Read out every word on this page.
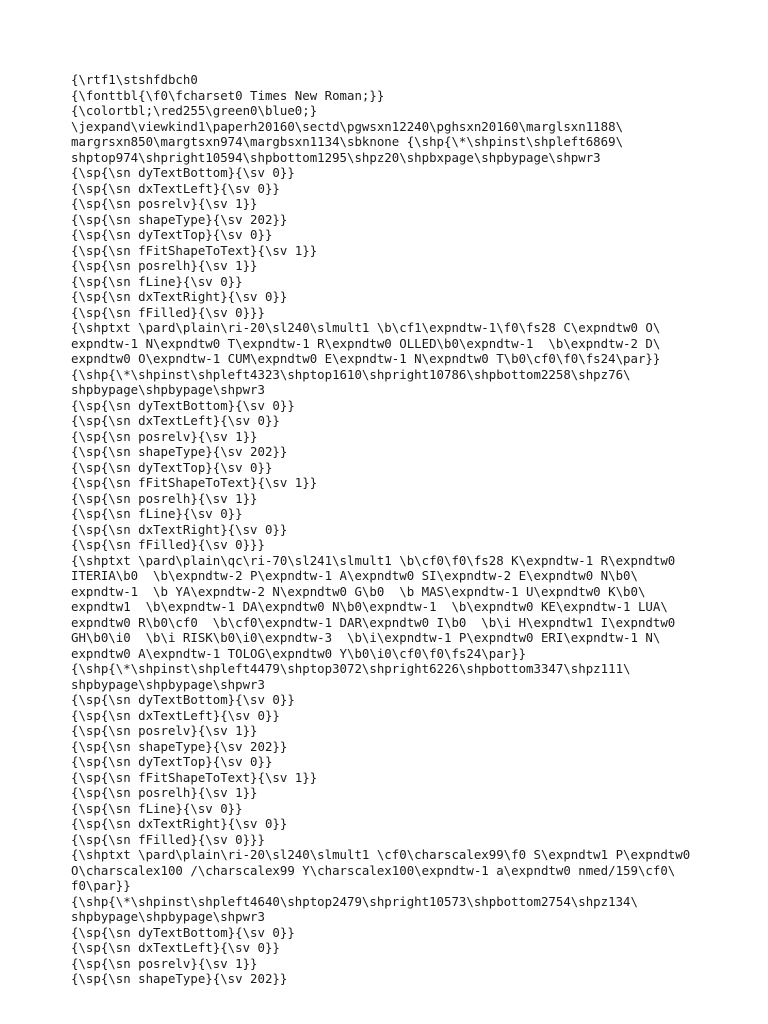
{\rtf1\stshfdbch0
{\fonttbl{\f0\fcharset0 Times New Roman;}}
{\colortbl;\red255\green0\blue0;}
\jexpand\viewkind1\paperh20160\sectd\pgwsxn12240\pghsxn20160\marglsxn1188\
margrsxn850\margtsxn974\margbsxn1134\sbknone {\shp{\*\shpinst\shpleft6869\
shptop974\shpright10594\shpbottom1295\shpz20\shpbxpage\shpbypage\shpwr3
{\sp{\sn dyTextBottom}{\sv 0}}
{\sp{\sn dxTextLeft}{\sv 0}}
{\sp{\sn posrelv}{\sv 1}}
{\sp{\sn shapeType}{\sv 202}}
{\sp{\sn dyTextTop}{\sv 0}}
{\sp{\sn fFitShapeToText}{\sv 1}}
{\sp{\sn posrelh}{\sv 1}}
{\sp{\sn fLine}{\sv 0}}
{\sp{\sn dxTextRight}{\sv 0}}
{\sp{\sn fFilled}{\sv 0}}}
{\shptxt \pard\plain\ri-20\sl240\slmult1 \b\cf1\expndtw-1\f0\fs28 C\expndtw0 O\
expndtw-1 N\expndtw0 T\expndtw-1 R\expndtw0 OLLED\b0\expndtw-1  \b\expndtw-2 D\
expndtw0 O\expndtw-1 CUM\expndtw0 E\expndtw-1 N\expndtw0 T\b0\cf0\f0\fs24\par}}
{\shp{\*\shpinst\shpleft4323\shptop1610\shpright10786\shpbottom2258\shpz76\
shpbypage\shpbypage\shpwr3
{\sp{\sn dyTextBottom}{\sv 0}}
{\sp{\sn dxTextLeft}{\sv 0}}
{\sp{\sn posrelv}{\sv 1}}
{\sp{\sn shapeType}{\sv 202}}
{\sp{\sn dyTextTop}{\sv 0}}
{\sp{\sn fFitShapeToText}{\sv 1}}
{\sp{\sn posrelh}{\sv 1}}
{\sp{\sn fLine}{\sv 0}}
{\sp{\sn dxTextRight}{\sv 0}}
{\sp{\sn fFilled}{\sv 0}}}
{\shptxt \pard\plain\qc\ri-70\sl241\slmult1 \b\cf0\f0\fs28 K\expndtw-1 R\expndtw0
ITERIA\b0  \b\expndtw-2 P\expndtw-1 A\expndtw0 SI\expndtw-2 E\expndtw0 N\b0\
expndtw-1  \b YA\expndtw-2 N\expndtw0 G\b0  \b MAS\expndtw-1 U\expndtw0 K\b0\
expndtw1  \b\expndtw-1 DA\expndtw0 N\b0\expndtw-1  \b\expndtw0 KE\expndtw-1 LUA\
expndtw0 R\b0\cf0  \b\cf0\expndtw-1 DAR\expndtw0 I\b0  \b\i H\expndtw1 I\expndtw0
GH\b0\i0  \b\i RISK\b0\i0\expndtw-3  \b\i\expndtw-1 P\expndtw0 ERI\expndtw-1 N\
expndtw0 A\expndtw-1 TOLOG\expndtw0 Y\b0\i0\cf0\f0\fs24\par}}
{\shp{\*\shpinst\shpleft4479\shptop3072\shpright6226\shpbottom3347\shpz111\
shpbypage\shpbypage\shpwr3
{\sp{\sn dyTextBottom}{\sv 0}}
{\sp{\sn dxTextLeft}{\sv 0}}
{\sp{\sn posrelv}{\sv 1}}
{\sp{\sn shapeType}{\sv 202}}
{\sp{\sn dyTextTop}{\sv 0}}
{\sp{\sn fFitShapeToText}{\sv 1}}
{\sp{\sn posrelh}{\sv 1}}
{\sp{\sn fLine}{\sv 0}}
{\sp{\sn dxTextRight}{\sv 0}}
{\sp{\sn fFilled}{\sv 0}}}
{\shptxt \pard\plain\ri-20\sl240\slmult1 \cf0\charscalex99\f0 S\expndtw1 P\expndtw0
O\charscalex100 /\charscalex99 Y\charscalex100\expndtw-1 a\expndtw0 nmed/159\cf0\
f0\par}}
{\shp{\*\shpinst\shpleft4640\shptop2479\shpright10573\shpbottom2754\shpz134\
shpbypage\shpbypage\shpwr3
{\sp{\sn dyTextBottom}{\sv 0}}
{\sp{\sn dxTextLeft}{\sv 0}}
{\sp{\sn posrelv}{\sv 1}}
{\sp{\sn shapeType}{\sv 202}}
